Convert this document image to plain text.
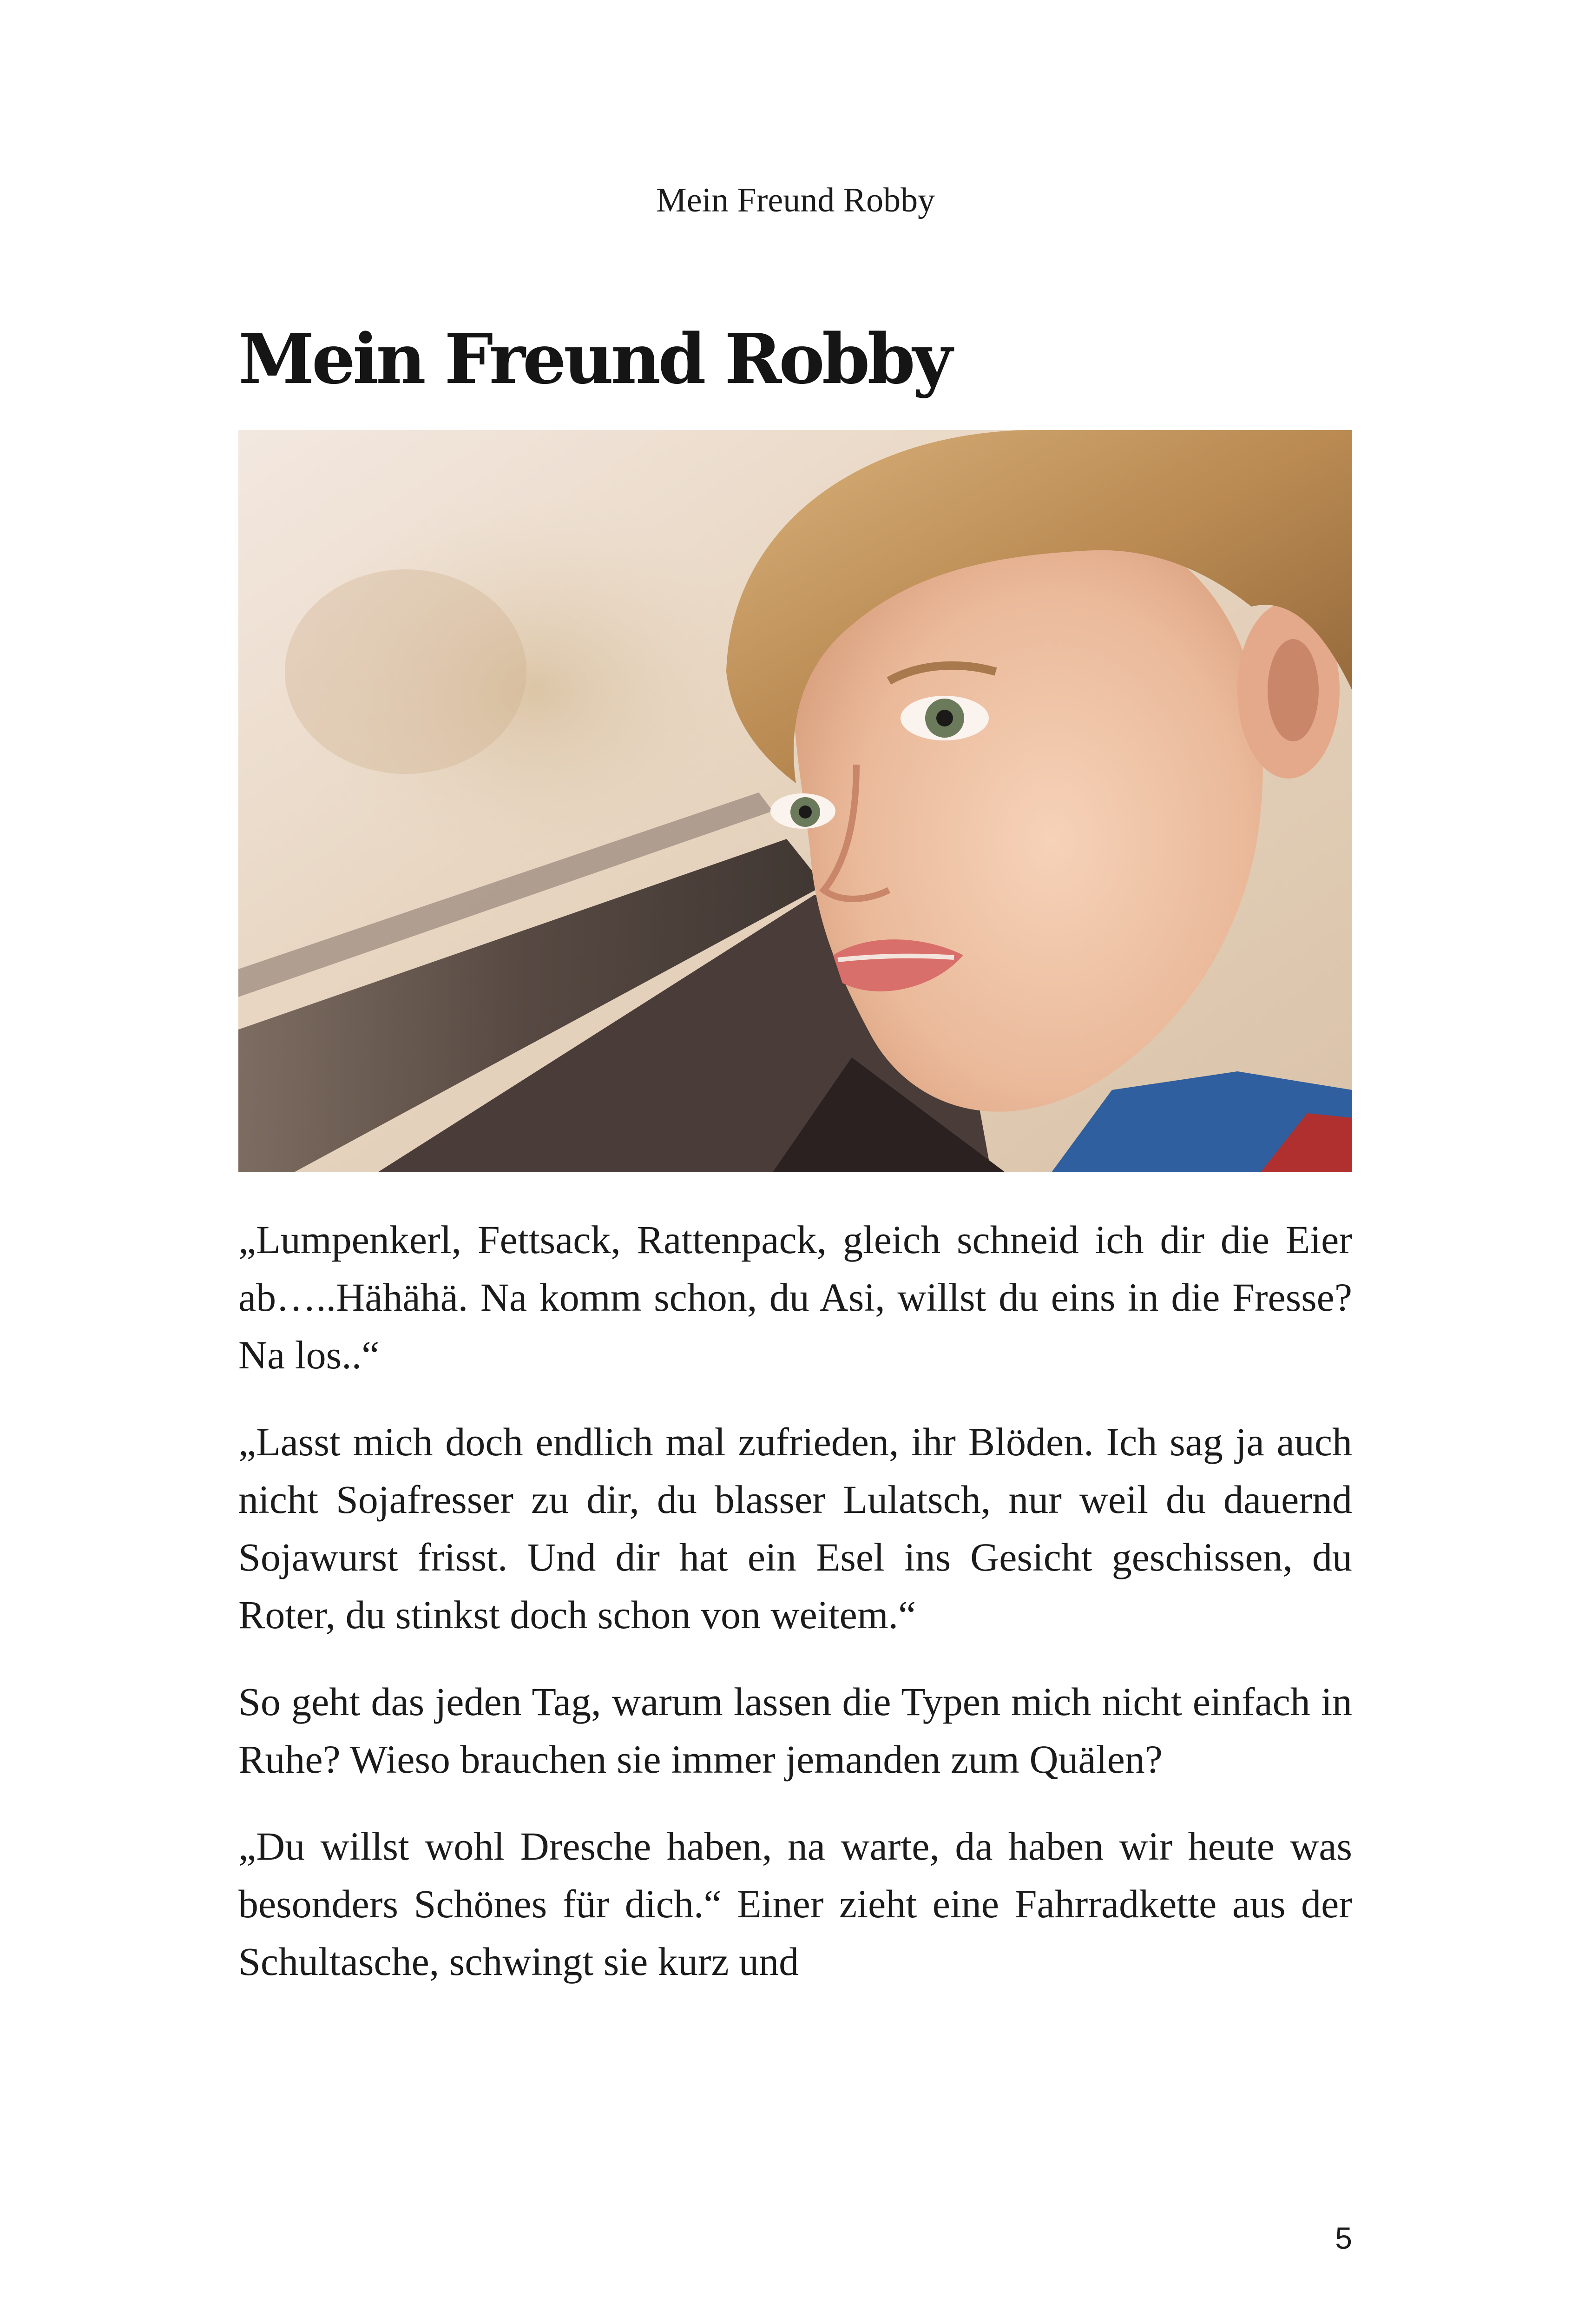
Mein Freund Robby
Mein Freund Robby

„Lumpenkerl, Fettsack, Rattenpack, gleich schneid ich dir die Eier ab…..Hähähä. Na komm schon, du Asi, willst du eins in die Fresse? Na los..“

„Lasst mich doch endlich mal zufrieden, ihr Blöden. Ich sag ja auch nicht Sojafresser zu dir, du blasser Lulatsch, nur weil du dauernd Sojawurst frisst. Und dir hat ein Esel ins Gesicht geschissen, du Roter, du stinkst doch schon von weitem.“

So geht das jeden Tag, warum lassen die Typen mich nicht einfach in Ruhe? Wieso brauchen sie immer jemanden zum Quälen?

„Du willst wohl Dresche haben, na warte, da haben wir heute was besonders Schönes für dich.“ Einer zieht eine Fahrradkette aus der Schultasche, schwingt sie kurz und

5
